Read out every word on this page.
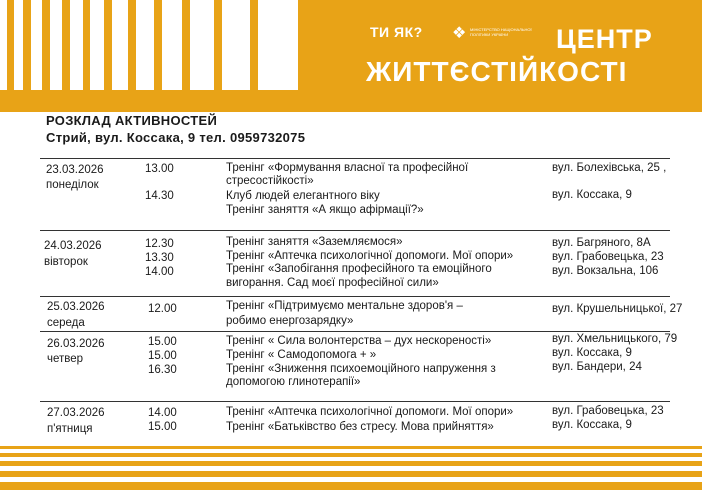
ТИ ЯК? ❖ МІНІСТЕРСТВО НАЦІОНАЛЬНОЇ ПОЛІТИКИ УКРАЇНИ	ЦЕНТР
ЖИТТЄСТІЙКОСТІ
РОЗКЛАД АКТИВНОСТЕЙ
Стрий, вул. Коссака, 9 тел. 0959732075
23.03.2026
понеділок
13.00
14.30
Тренінг «Формування власної та професійної
стресостійкості»
Клуб людей елегантного віку
Тренінг заняття «А якщо афірмації?»
вул. Болехівська, 25 ,
вул. Коссака, 9
24.03.2026
вівторок
12.30
13.30
14.00
Тренінг заняття «Заземляємося»
Тренінг «Аптечка психологічної допомоги. Мої опори»
Тренінг «Запобігання професійного та емоційного
вигорання. Сад моєї професійної сили»
вул. Багряного, 8А
вул. Грабовецька, 23
вул. Вокзальна, 106
25.03.2026
середа
12.00	Тренінг «Підтримуємо ментальне здоров'я –
робимо енергозарядку»
вул. Крушельницької, 27
26.03.2026
четвер
15.00
15.00
16.30
Тренінг « Сила волонтерства – дух нескореності»
Тренінг « Самодопомога + »
Тренінг «Зниження психоемоційного напруження з
допомогою глинотерапії»
вул. Хмельницького, 79
вул. Коссака, 9
вул. Бандери, 24
27.03.2026
п'ятниця
14.00
15.00
Тренінг «Аптечка психологічної допомоги. Мої опори»
Тренінг «Батьківство без стресу. Мова прийняття»
вул. Грабовецька, 23
вул. Коссака, 9
